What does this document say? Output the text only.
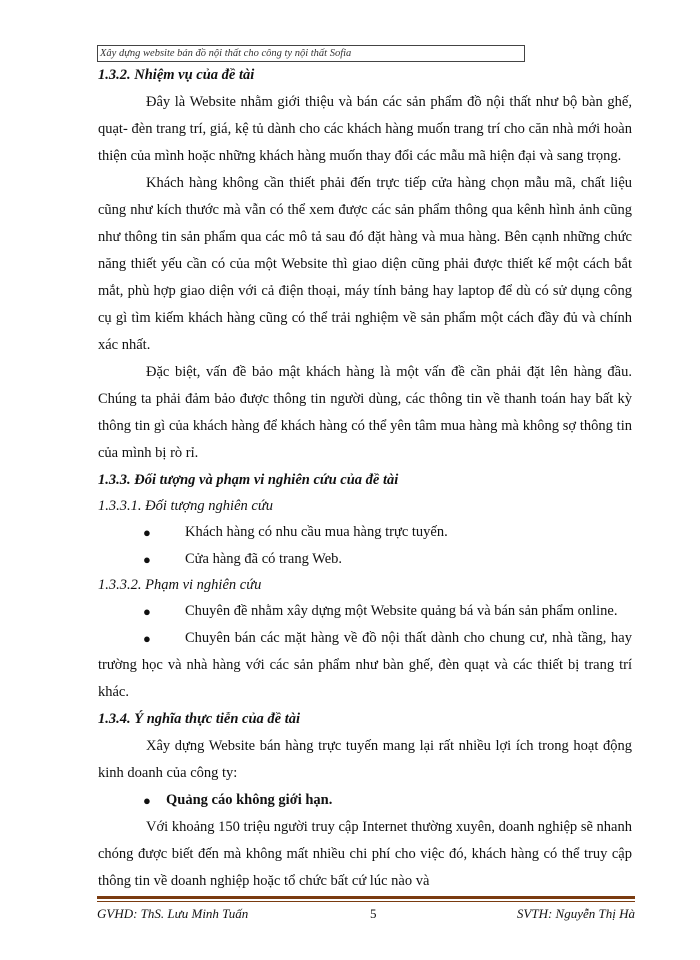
Xây dựng website bán đồ nội thất cho công ty nội thất Sofia
1.3.2. Nhiệm vụ của đề tài

Đây là Website nhằm giới thiệu và bán các sản phẩm đồ nội thất như bộ bàn ghế, quạt- đèn trang trí, giá, kệ tủ dành cho các khách hàng muốn trang trí cho căn nhà mới hoàn thiện của mình hoặc những khách hàng muốn thay đổi các mẫu mã hiện đại và sang trọng.

Khách hàng không cần thiết phải đến trực tiếp cửa hàng chọn mẫu mã, chất liệu cũng như kích thước mà vẫn có thể xem được các sản phẩm thông qua kênh hình ảnh cũng như thông tin sản phẩm qua các mô tả sau đó đặt hàng và mua hàng. Bên cạnh những chức năng thiết yếu cần có của một Website thì giao diện cũng phải được thiết kế một cách bắt mắt, phù hợp giao diện với cả điện thoại, máy tính bảng hay laptop để dù có sử dụng công cụ gì tìm kiếm khách hàng cũng có thể trải nghiệm về sản phẩm một cách đầy đủ và chính xác nhất.

Đặc biệt, vấn đề bảo mật khách hàng là một vấn đề cần phải đặt lên hàng đầu. Chúng ta phải đảm bảo được thông tin người dùng, các thông tin về thanh toán hay bất kỳ thông tin gì của khách hàng để khách hàng có thể yên tâm mua hàng mà không sợ thông tin của mình bị rò rỉ.

1.3.3. Đối tượng và phạm vi nghiên cứu của đề tài
1.3.3.1. Đối tượng nghiên cứu
● Khách hàng có nhu cầu mua hàng trực tuyến.
● Cửa hàng đã có trang Web.
1.3.3.2. Phạm vi nghiên cứu
● Chuyên đề nhằm xây dựng một Website quảng bá và bán sản phẩm online.
● Chuyên bán các mặt hàng về đồ nội thất dành cho chung cư, nhà tầng, hay trường học và nhà hàng với các sản phẩm như bàn ghế, đèn quạt và các thiết bị trang trí khác.
1.3.4. Ý nghĩa thực tiễn của đề tài

Xây dựng Website bán hàng trực tuyến mang lại rất nhiều lợi ích trong hoạt động kinh doanh của công ty:

● Quảng cáo không giới hạn.

Với khoảng 150 triệu người truy cập Internet thường xuyên, doanh nghiệp sẽ nhanh chóng được biết đến mà không mất nhiều chi phí cho việc đó, khách hàng có thể truy cập thông tin về doanh nghiệp hoặc tổ chức bất cứ lúc nào và

GVHD: ThS. Lưu Minh Tuấn	5	SVTH: Nguyễn Thị Hà
